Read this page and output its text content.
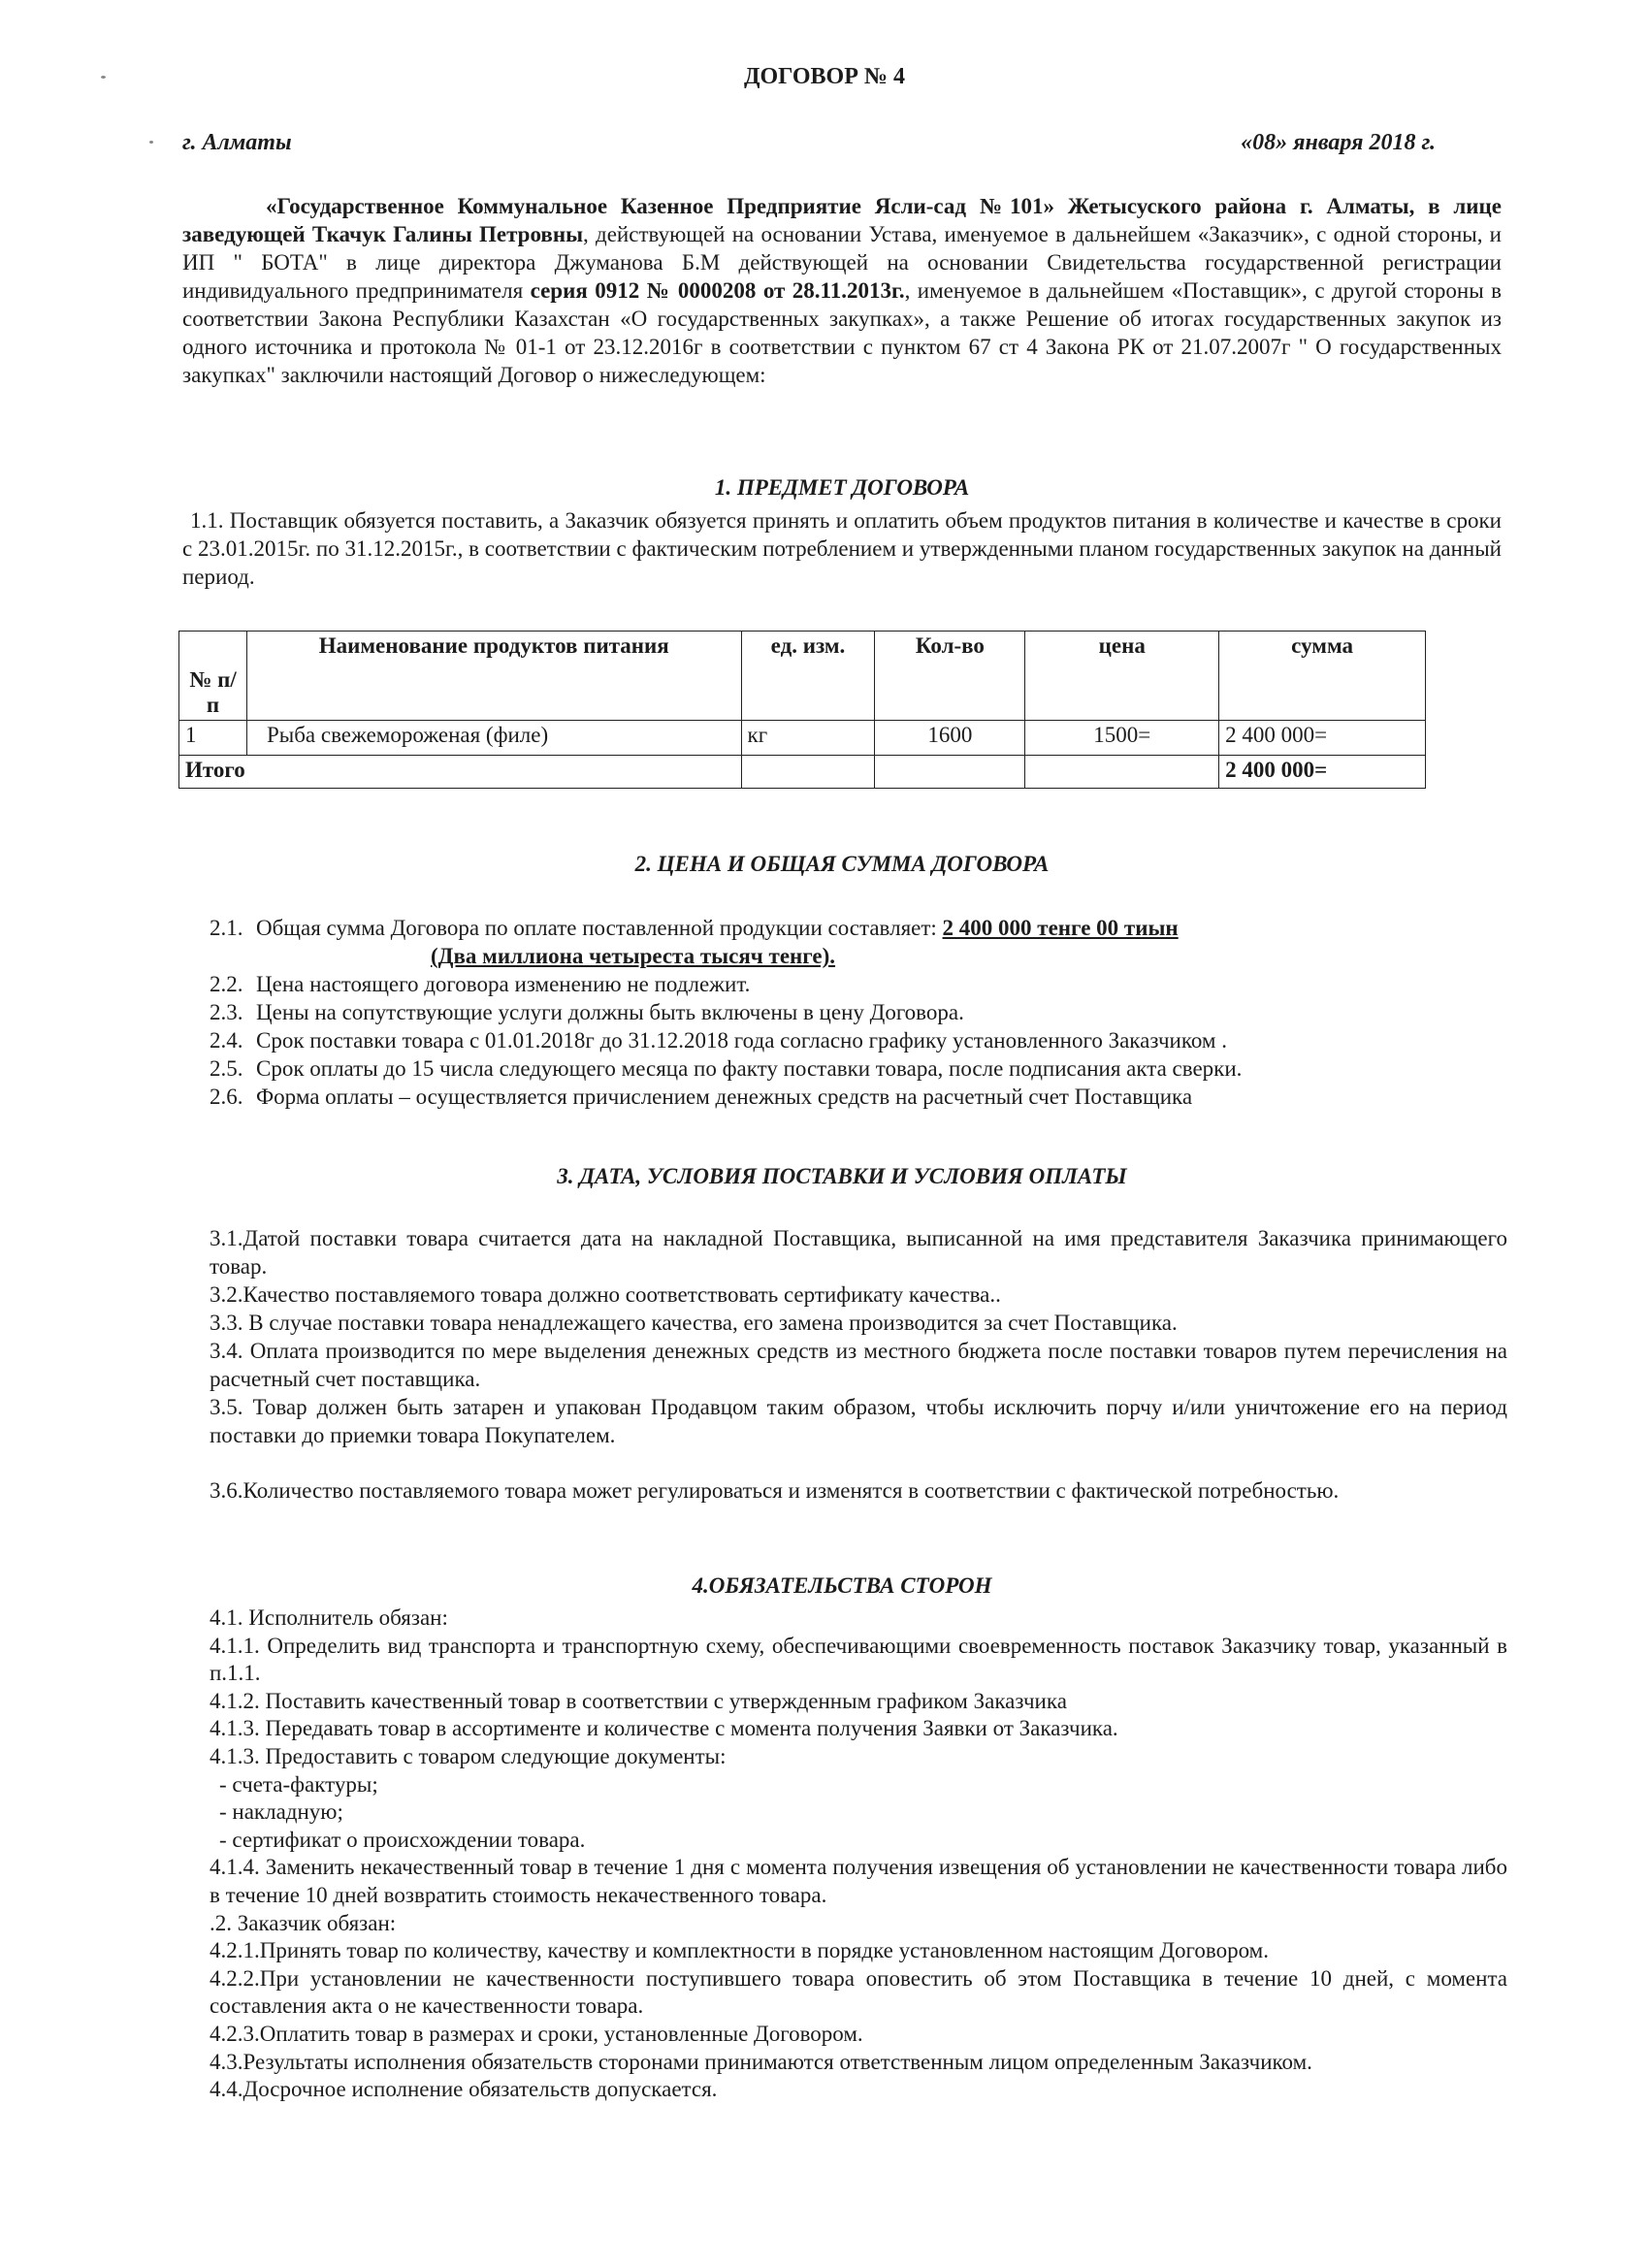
ДОГОВОР № 4
г. Алматы	«08» января 2018 г.
«Государственное Коммунальное Казенное Предприятие Ясли-сад №101» Жетысуского района г. Алматы, в лице заведующей Ткачук Галины Петровны, действующей на основании Устава, именуемое в дальнейшем «Заказчик», с одной стороны, и ИП " БОТА" в лице директора Джуманова Б.М действующей на основании Свидетельства государственной регистрации индивидуального предпринимателя серия 0912 № 0000208 от 28.11.2013г., именуемое в дальнейшем «Поставщик», с другой стороны в соответствии Закона Республики Казахстан «О государственных закупках», а также Решение об итогах государственных закупок из одного источника и протокола № 01-1 от 23.12.2016г в соответствии с пунктом 67 ст 4 Закона РК от 21.07.2007г " О государственных закупках" заключили настоящий Договор о нижеследующем:
1. ПРЕДМЕТ ДОГОВОРА
1.1. Поставщик обязуется поставить, а Заказчик обязуется принять и оплатить объем продуктов питания в количестве и качестве в сроки с 23.01.2015г. по 31.12.2015г., в соответствии с фактическим потреблением и утвержденными планом государственных закупок на данный период.
№ п/п	Наименование продуктов питания	ед. изм.	Кол-во	цена	сумма
1	Рыба свежемороженая (филе)	кг	1600	1500=	2 400 000=
Итого					2 400 000=
2. ЦЕНА И ОБЩАЯ СУММА ДОГОВОРА
2.1. Общая сумма Договора по оплате поставленной продукции составляет: 2 400 000 тенге 00 тиын
(Два миллиона четыреста тысяч тенге).
2.2. Цена настоящего договора изменению не подлежит.
2.3. Цены на сопутствующие услуги должны быть включены в цену Договора.
2.4. Срок поставки товара с 01.01.2018г до 31.12.2018 года согласно графику установленного Заказчиком .
2.5. Срок оплаты до 15 числа следующего месяца по факту поставки товара, после подписания акта сверки.
2.6. Форма оплаты – осуществляется причислением денежных средств на расчетный счет Поставщика
3. ДАТА, УСЛОВИЯ ПОСТАВКИ И УСЛОВИЯ ОПЛАТЫ
3.1.Датой поставки товара считается дата на накладной Поставщика, выписанной на имя представителя Заказчика принимающего товар.
3.2.Качество поставляемого товара должно соответствовать сертификату качества..
3.3. В случае поставки товара ненадлежащего качества, его замена производится за счет Поставщика.
3.4. Оплата производится по мере выделения денежных средств из местного бюджета после поставки товаров путем перечисления на расчетный счет поставщика.
3.5. Товар должен быть затарен и упакован Продавцом таким образом, чтобы исключить порчу и/или уничтожение его на период поставки до приемки товара Покупателем.
3.6.Количество поставляемого товара может регулироваться и изменятся в соответствии с фактической потребностью.
4.ОБЯЗАТЕЛЬСТВА СТОРОН
4.1. Исполнитель обязан:
4.1.1. Определить вид транспорта и транспортную схему, обеспечивающими своевременность поставок Заказчику товар, указанный в п.1.1.
4.1.2. Поставить качественный товар в соответствии с утвержденным графиком Заказчика
4.1.3. Передавать товар в ассортименте и количестве с момента получения Заявки от Заказчика.
4.1.3. Предоставить с товаром следующие документы:
- счета-фактуры;
- накладную;
- сертификат о происхождении товара.
4.1.4. Заменить некачественный товар в течение 1 дня с момента получения извещения об установлении не качественности товара либо в течение 10 дней возвратить стоимость некачественного товара.
.2. Заказчик обязан:
4.2.1.Принять товар по количеству, качеству и комплектности в порядке установленном настоящим Договором.
4.2.2.При установлении не качественности поступившего товара оповестить об этом Поставщика в течение 10 дней, с момента составления акта о не качественности товара.
4.2.3.Оплатить товар в размерах и сроки, установленные Договором.
4.3.Результаты исполнения обязательств сторонами принимаются ответственным лицом определенным Заказчиком.
4.4.Досрочное исполнение обязательств допускается.
